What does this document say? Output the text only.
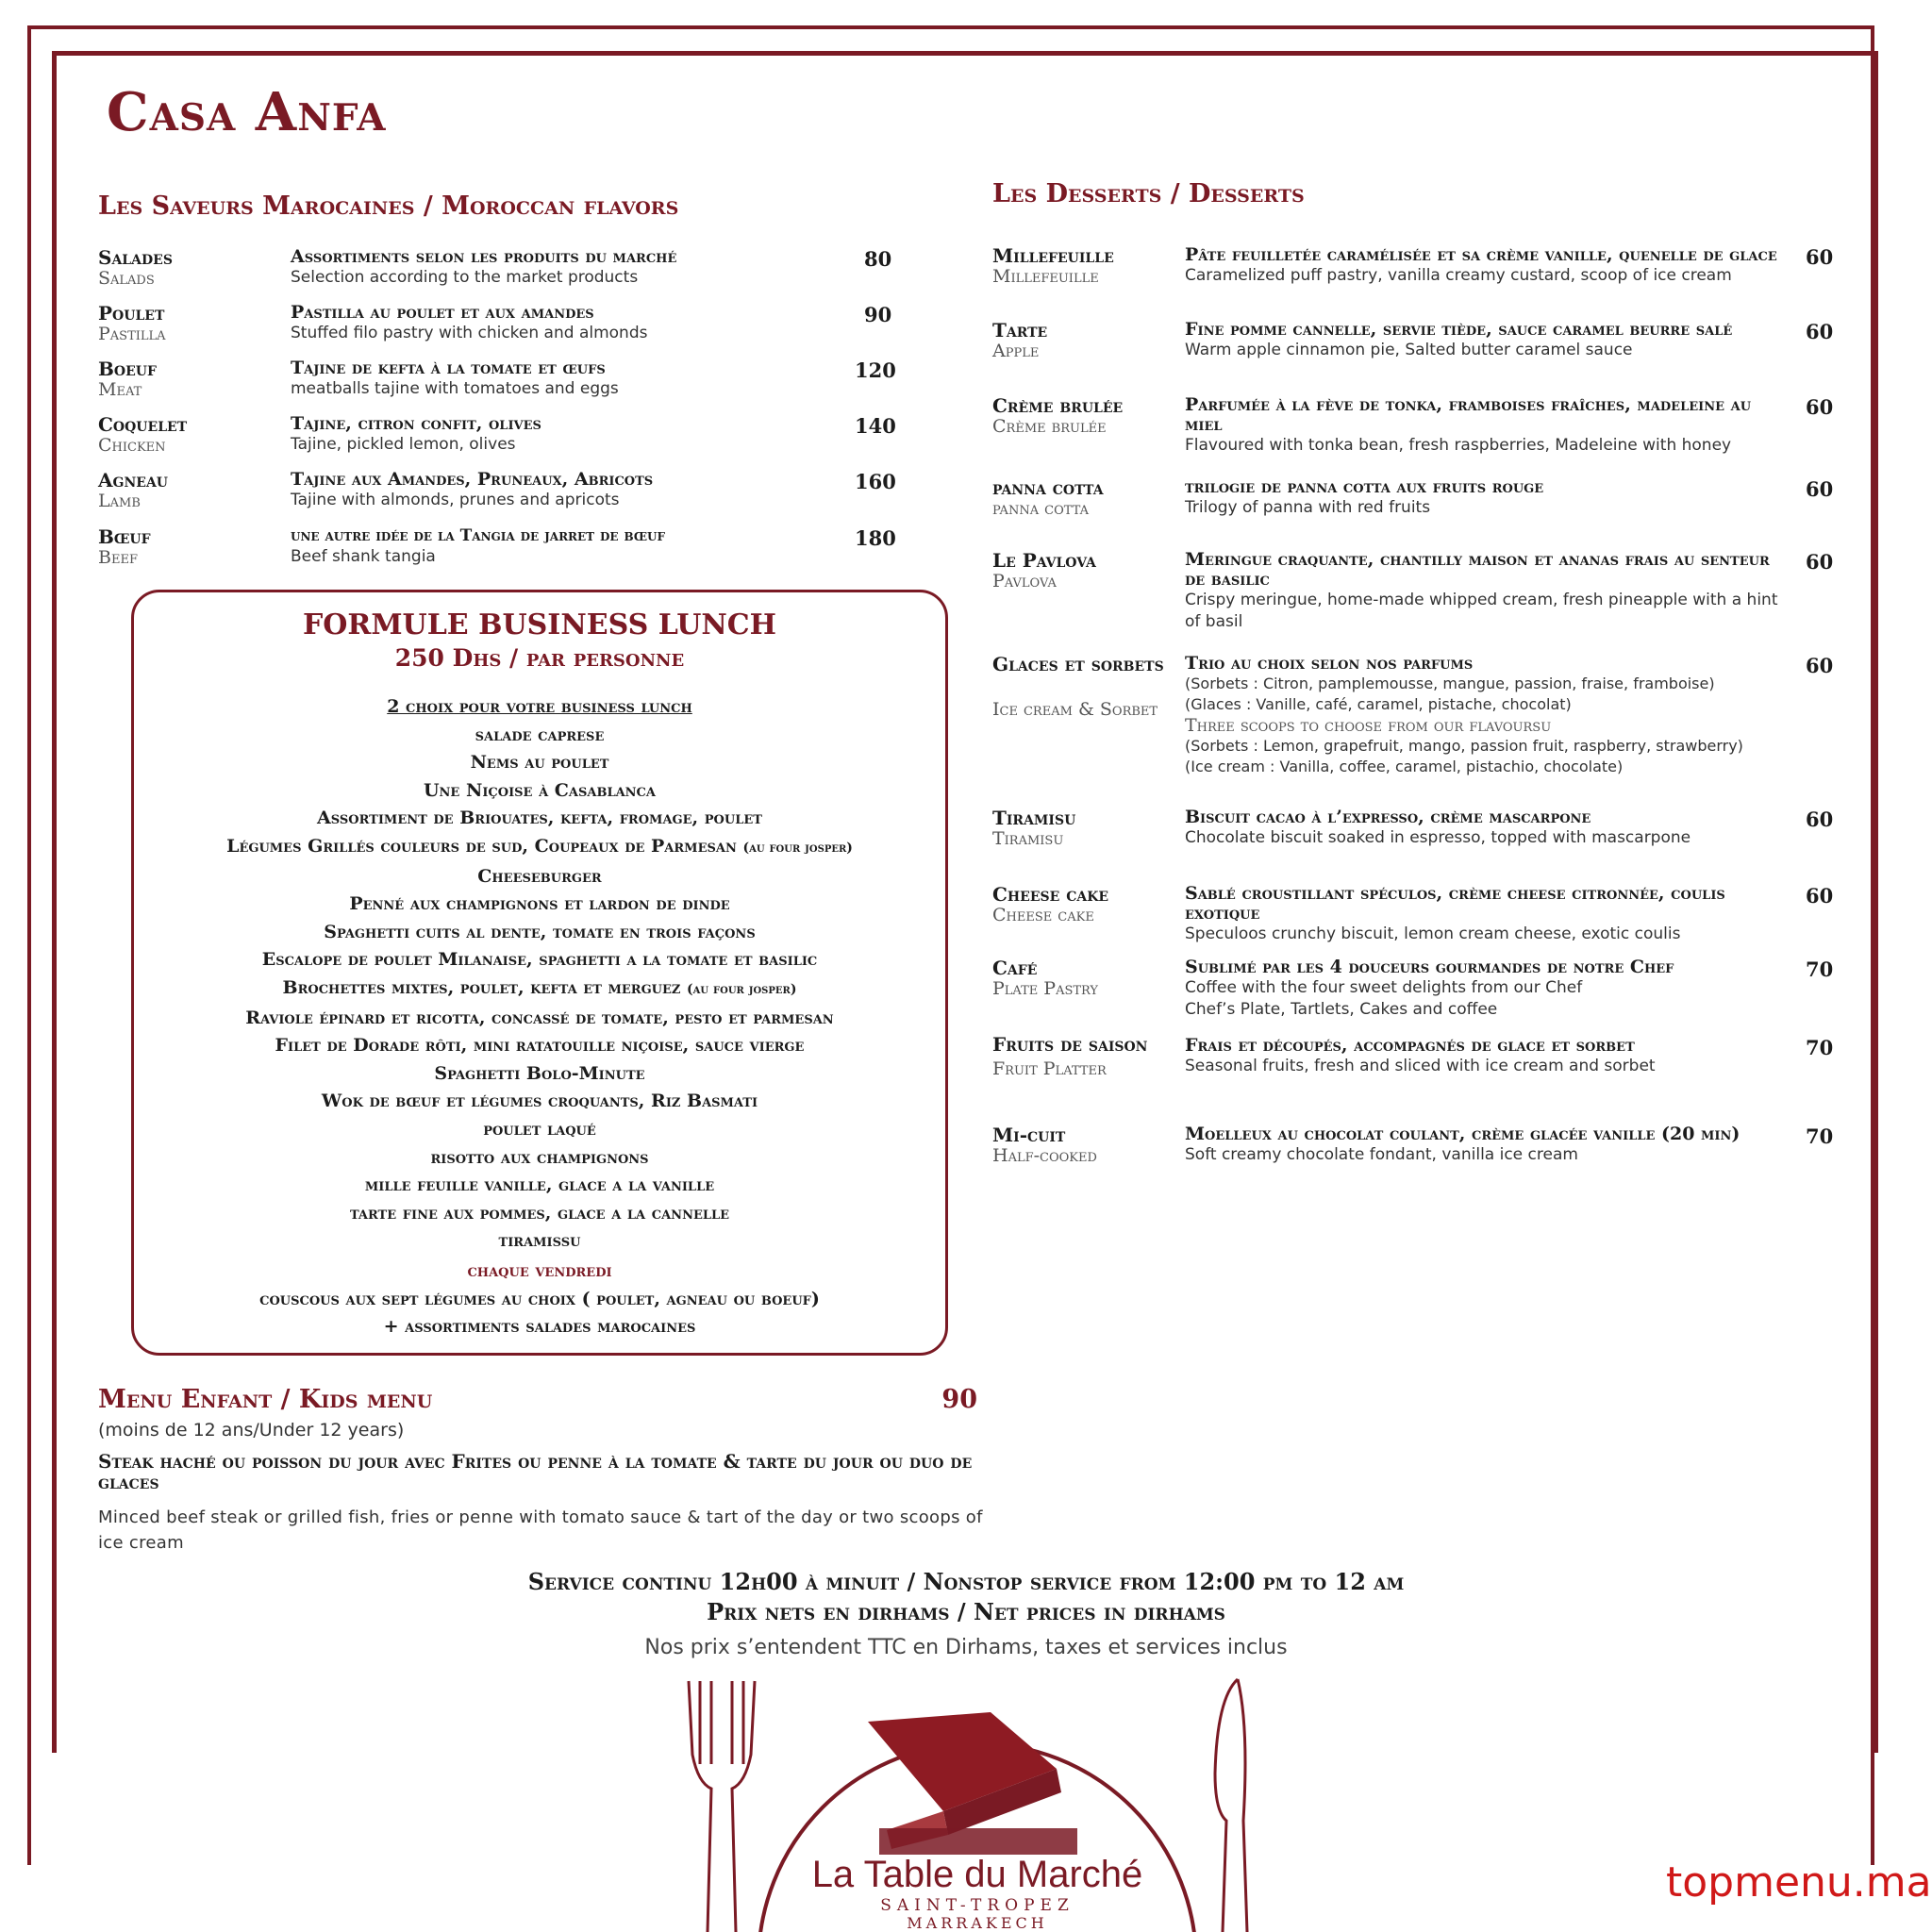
Casa Anfa
Les Saveurs Marocaines / Moroccan flavors
Salades
Salads
Assortiments selon les produits du marché
Selection according to the market products
80
Poulet
Pastilla
Pastilla au poulet et aux amandes
Stuffed filo pastry with chicken and almonds
90
Boeuf
Meat
Tajine de kefta à la tomate et œufs
meatballs tajine with tomatoes and eggs
120
Coquelet
Chicken
Tajine, citron confit, olives
Tajine, pickled lemon, olives
140
Agneau
Lamb
Tajine aux Amandes, Pruneaux, Abricots
Tajine with almonds, prunes and apricots
160
Bœuf
Beef
une autre idée de la Tangia de jarret de bœuf
Beef shank tangia
180
FORMULE BUSINESS LUNCH
250 Dhs / par personne
2 choix pour votre business lunch
salade caprese
Nems au poulet
Une Niçoise à Casablanca
Assortiment de Briouates, kefta, fromage, poulet
Légumes Grillés couleurs de sud, Coupeaux de Parmesan (au four josper)
Cheeseburger
Penné aux champignons et lardon de dinde
Spaghetti cuits al dente, tomate en trois façons
Escalope de poulet Milanaise, spaghetti a la tomate et basilic
Brochettes mixtes, poulet, kefta et merguez (au four josper)
Raviole épinard et ricotta, concassé de tomate, pesto et parmesan
Filet de Dorade rôti, mini ratatouille niçoise, sauce vierge
Spaghetti Bolo-Minute
Wok de bœuf et légumes croquants, Riz Basmati
poulet laqué
risotto aux champignons
mille feuille vanille, glace a la vanille
tarte fine aux pommes, glace a la cannelle
tiramissu
chaque vendredi
couscous aux sept légumes au choix ( poulet, agneau ou boeuf)
+ assortiments salades marocaines
Menu Enfant / Kids menu	90
(moins de 12 ans/Under 12 years)
Steak haché ou poisson du jour avec Frites ou penne à la tomate & tarte du jour ou duo de glaces
Minced beef steak or grilled fish, fries or penne with tomato sauce & tart of the day or two scoops of ice cream
Les Desserts / Desserts
Millefeuille
Millefeuille
Pâte feuilletée caramélisée et sa crème vanille, quenelle de glace
Caramelized puff pastry, vanilla creamy custard, scoop of ice cream
60
Tarte
Apple
Fine pomme cannelle, servie tiède, sauce caramel beurre salé
Warm apple cinnamon pie, Salted butter caramel sauce
60
Crème brulée
Crème brulée
Parfumée à la fève de tonka, framboises fraîches, madeleine au miel
Flavoured with tonka bean, fresh raspberries, Madeleine with honey
60
panna cotta
panna cotta
trilogie de panna cotta aux fruits rouge
Trilogy of panna with red fruits
60
Le Pavlova
Pavlova
Meringue craquante, chantilly maison et ananas frais au senteur de basilic
Crispy meringue, home-made whipped cream, fresh pineapple with a hint of basil
60
Glaces et sorbets
Ice cream & Sorbet
Trio au choix selon nos parfums
(Sorbets : Citron, pamplemousse, mangue, passion, fraise, framboise)
(Glaces : Vanille, café, caramel, pistache, chocolat)
Three scoops to choose from our flavoursu
(Sorbets : Lemon, grapefruit, mango, passion fruit, raspberry, strawberry)
(Ice cream : Vanilla, coffee, caramel, pistachio, chocolate)
60
Tiramisu
Tiramisu
Biscuit cacao à l’expresso, crème mascarpone
Chocolate biscuit soaked in espresso, topped with mascarpone
60
Cheese cake
Cheese cake
Sablé croustillant spéculos, crème cheese citronnée, coulis exotique
Speculoos crunchy biscuit, lemon cream cheese, exotic coulis
60
Café
Plate Pastry
Sublimé par les 4 douceurs gourmandes de notre Chef
Coffee with the four sweet delights from our Chef
Chef’s Plate, Tartlets, Cakes and coffee
70
Fruits de saison
Fruit Platter
Frais et découpés, accompagnés de glace et sorbet
Seasonal fruits, fresh and sliced with ice cream and sorbet
70
Mi-cuit
Half-cooked
Moelleux au chocolat coulant, crème glacée vanille (20 min)
Soft creamy chocolate fondant, vanilla ice cream
70
Service continu 12h00 à minuit / Nonstop service from 12:00 pm to 12 am
Prix nets en dirhams / Net prices in dirhams
Nos prix s’entendent TTC en Dirhams, taxes et services inclus
La Table du Marché
SAINT-TROPEZ
MARRAKECH
topmenu.ma
